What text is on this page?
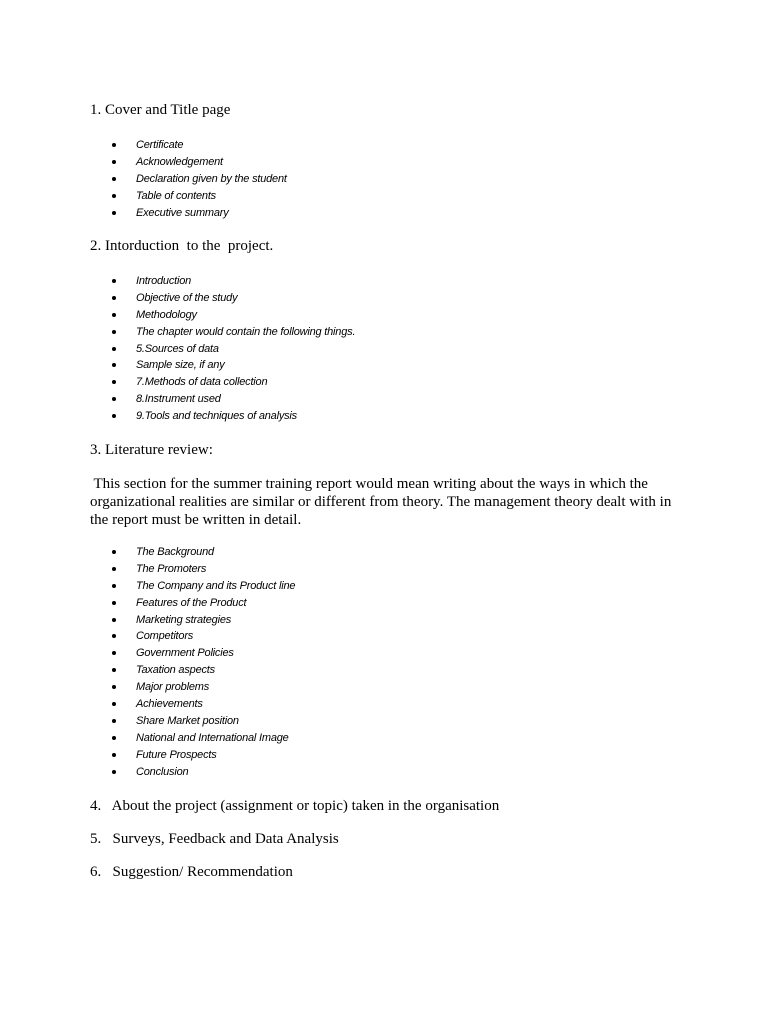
1. Cover and Title page
Certificate
Acknowledgement
Declaration given by the student
Table of contents
Executive summary
2. Intorduction  to the  project.
Introduction
Objective of the study
Methodology
The chapter would contain the following things.
5.Sources of data
Sample size, if any
7.Methods of data collection
8.Instrument used
9.Tools and techniques of analysis
3. Literature review:
This section for the summer training report would mean writing about the ways in which the
organizational realities are similar or different from theory. The management theory dealt with in
the report must be written in detail.
The Background
The Promoters
The Company and its Product line
Features of the Product
Marketing strategies
Competitors
Government Policies
Taxation aspects
Major problems
Achievements
Share Market position
National and International Image
Future Prospects
Conclusion
4.   About the project (assignment or topic) taken in the organisation
5.   Surveys, Feedback and Data Analysis
6.   Suggestion/ Recommendation
